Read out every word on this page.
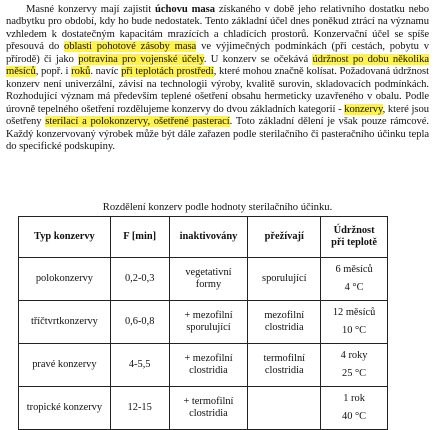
Masné konzervy mají zajistit úchovu masa získaného v době jeho relativního dostatku nebo nadbytku pro období, kdy ho bude nedostatek. Tento základní účel dnes poněkud ztrácí na významu vzhledem k dostatečným kapacitám mrazících a chladících prostorů. Konzervační účel se spíše přesouvá do oblasti pohotové zásoby masa ve výjimečných podmínkách (při cestách, pobytu v přírodě) či jako potravina pro vojenské účely. U konzerv se očekává údržnost po dobu několika měsíců, popř. i roků. navíc při teplotách prostředí, které mohou značně kolísat. Požadovaná údržnost konzerv není univerzální, závisí na technologii výroby, kvalitě surovin, skladovacích podmínkách. Rozhodující význam má především teplené ošetření obsahu hermeticky uzavřeného v obalu. Podle úrovně tepelného ošetření rozdělujeme konzervy do dvou základních kategorií - konzervy, které jsou ošetřeny sterilací a polokonzervy, ošetřené pasterací. Toto základní dělení je však pouze rámcové. Každý konzervovaný výrobek může být dále zařazen podle sterilačního či pasteračního účinku tepla do specifické podskupiny.

Rozdělení konzerv podle hodnoty sterilačního účinku.
Typ konzervy	F [min]	inaktivovány	přežívají	Údržnost
při teplotě

polokonzervy	0,2-0,3	vegetativní formy	sporulující	6 měsíců
4 °C

tříčtvrtkonzervy	0,6-0,8	+ mezofilní sporulující	mezofilní clostridia	12 měsíců
10 °C

pravé konzervy	4-5,5	+ mezofilní clostridia	termofilní clostridia	4 roky
25 °C

tropické konzervy	12-15	+ termofilní clostridia		1 rok
40 °C
